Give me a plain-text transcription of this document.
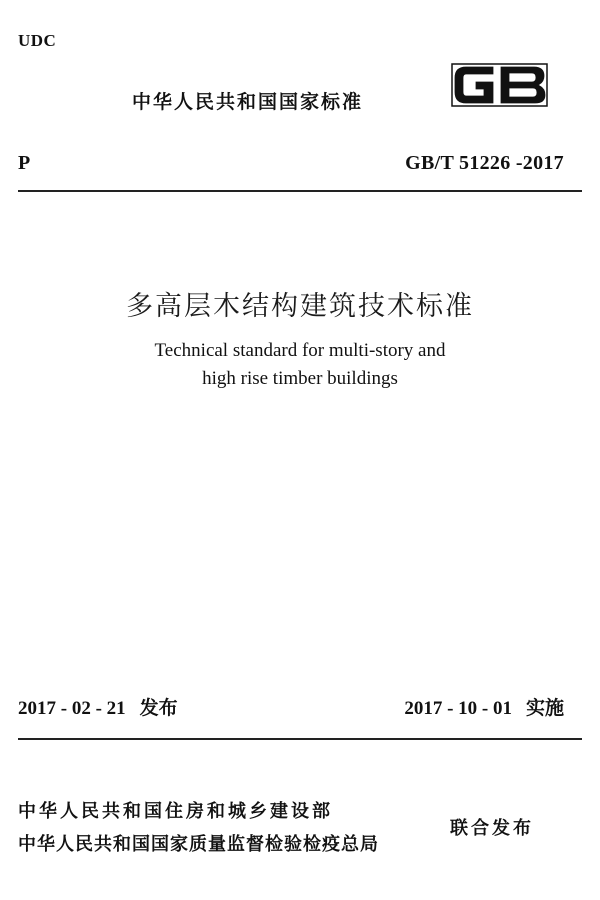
UDC
中华人民共和国国家标准
P	GB/T 51226 -2017
多高层木结构建筑技术标准
Technical standard for multi-story and
high rise timber buildings
2017 - 02 - 21 发布	2017 - 10 - 01 实施
中华人民共和国住房和城乡建设部
中华人民共和国国家质量监督检验检疫总局
联合发布
